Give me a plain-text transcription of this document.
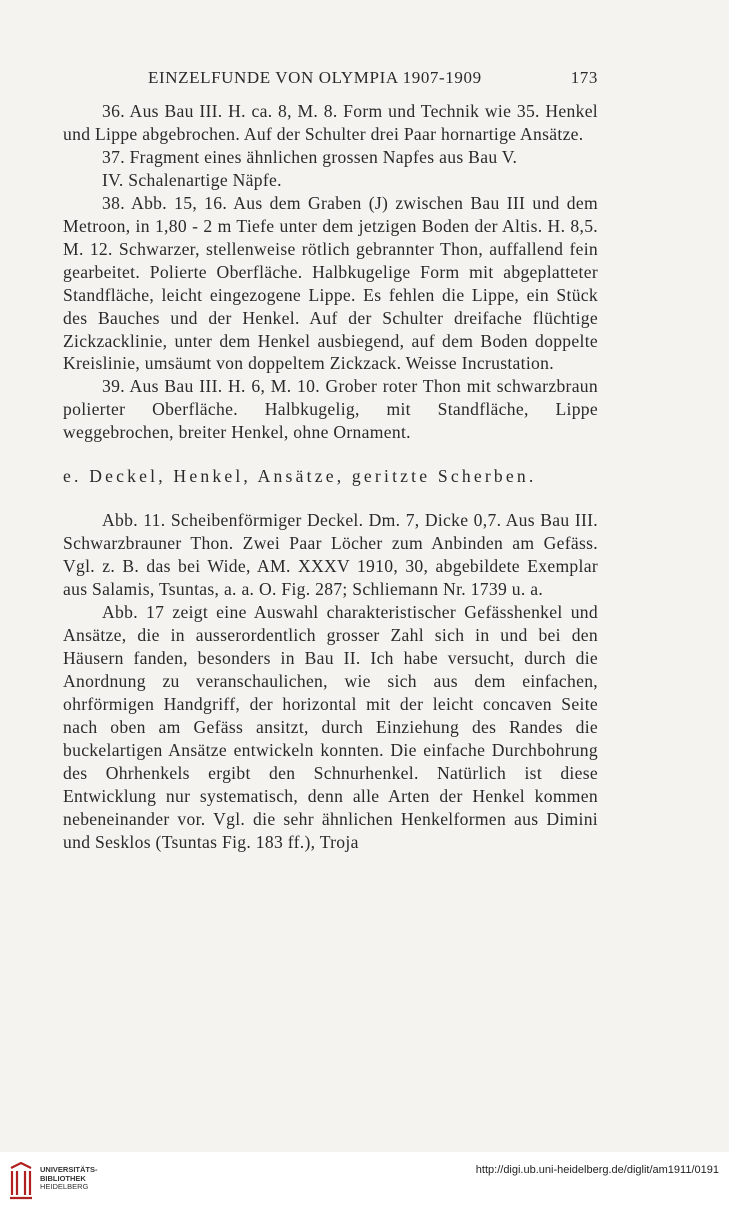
EINZELFUNDE VON OLYMPIA 1907-1909	173

36. Aus Bau III. H. ca. 8, M. 8. Form und Technik wie 35. Henkel und Lippe abgebrochen. Auf der Schulter drei Paar hornartige Ansätze.

37. Fragment eines ähnlichen grossen Napfes aus Bau V.

IV. Schalenartige Näpfe.

38. Abb. 15, 16. Aus dem Graben (J) zwischen Bau III und dem Metroon, in 1,80 - 2 m Tiefe unter dem jetzigen Boden der Altis. H. 8,5. M. 12. Schwarzer, stellenweise rötlich gebrannter Thon, auffallend fein gearbeitet. Polierte Oberfläche. Halbkugelige Form mit abgeplatteter Standfläche, leicht eingezogene Lippe. Es fehlen die Lippe, ein Stück des Bauches und der Henkel. Auf der Schulter dreifache flüchtige Zickzacklinie, unter dem Henkel ausbiegend, auf dem Boden doppelte Kreislinie, umsäumt von doppeltem Zickzack. Weisse Incrustation.

39. Aus Bau III. H. 6, M. 10. Grober roter Thon mit schwarzbraun polierter Oberfläche. Halbkugelig, mit Standfläche, Lippe weggebrochen, breiter Henkel, ohne Ornament.

e. Deckel, Henkel, Ansätze, geritzte Scherben.

Abb. 11. Scheibenförmiger Deckel. Dm. 7, Dicke 0,7. Aus Bau III. Schwarzbrauner Thon. Zwei Paar Löcher zum Anbinden am Gefäss. Vgl. z. B. das bei Wide, AM. XXXV 1910, 30, abgebildete Exemplar aus Salamis, Tsuntas, a. a. O. Fig. 287; Schliemann Nr. 1739 u. a.

Abb. 17 zeigt eine Auswahl charakteristischer Gefässhenkel und Ansätze, die in ausserordentlich grosser Zahl sich in und bei den Häusern fanden, besonders in Bau II. Ich habe versucht, durch die Anordnung zu veranschaulichen, wie sich aus dem einfachen, ohrförmigen Handgriff, der horizontal mit der leicht concaven Seite nach oben am Gefäss ansitzt, durch Einziehung des Randes die buckelartigen Ansätze entwickeln konnten. Die einfache Durchbohrung des Ohrhenkels ergibt den Schnurhenkel. Natürlich ist diese Entwicklung nur systematisch, denn alle Arten der Henkel kommen nebeneinander vor. Vgl. die sehr ähnlichen Henkelformen aus Dimini und Sesklos (Tsuntas Fig. 183 ff.), Troja

UNIVERSITÄTS-
BIBLIOTHEK
HEIDELBERG
http://digi.ub.uni-heidelberg.de/diglit/am1911/0191
